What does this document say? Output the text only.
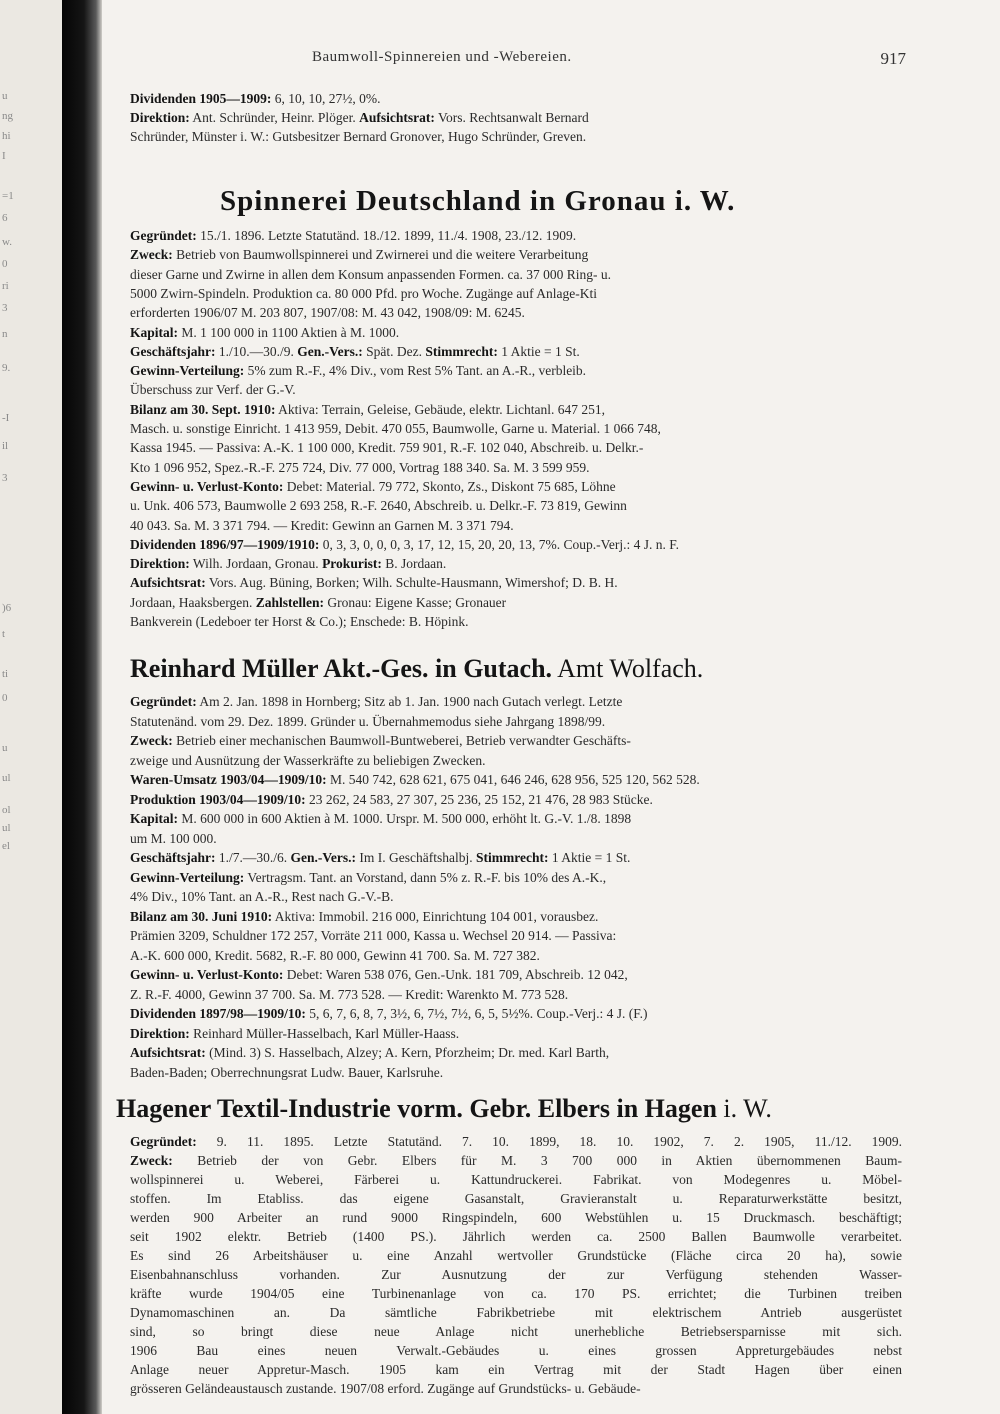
Baumwoll-Spinnereien und -Webereien.	917
u
ng
hi
I
=1
6
w.
0
ri
3
n
9.
-I
il
3
)6
t
ti
0
u
ul
ol
ul
el
Dividenden 1905—1909: 6, 10, 10, 27½, 0%.
Direktion: Ant. Schründer, Heinr. Plöger. Aufsichtsrat: Vors. Rechtsanwalt Bernard
Schründer, Münster i. W.: Gutsbesitzer Bernard Gronover, Hugo Schründer, Greven.
Spinnerei Deutschland in Gronau i. W.
Gegründet: 15./1. 1896. Letzte Statutänd. 18./12. 1899, 11./4. 1908, 23./12. 1909.
Zweck: Betrieb von Baumwollspinnerei und Zwirnerei und die weitere Verarbeitung
dieser Garne und Zwirne in allen dem Konsum anpassenden Formen. ca. 37 000 Ring- u.
5000 Zwirn-Spindeln. Produktion ca. 80 000 Pfd. pro Woche. Zugänge auf Anlage-Kti
erforderten 1906/07 M. 203 807, 1907/08: M. 43 042, 1908/09: M. 6245.
Kapital: M. 1 100 000 in 1100 Aktien à M. 1000.
Geschäftsjahr: 1./10.—30./9. Gen.-Vers.: Spät. Dez. Stimmrecht: 1 Aktie = 1 St.
Gewinn-Verteilung: 5% zum R.-F., 4% Div., vom Rest 5% Tant. an A.-R., verbleib.
Überschuss zur Verf. der G.-V.
Bilanz am 30. Sept. 1910: Aktiva: Terrain, Geleise, Gebäude, elektr. Lichtanl. 647 251,
Masch. u. sonstige Einricht. 1 413 959, Debit. 470 055, Baumwolle, Garne u. Material. 1 066 748,
Kassa 1945. — Passiva: A.-K. 1 100 000, Kredit. 759 901, R.-F. 102 040, Abschreib. u. Delkr.-
Kto 1 096 952, Spez.-R.-F. 275 724, Div. 77 000, Vortrag 188 340. Sa. M. 3 599 959.
Gewinn- u. Verlust-Konto: Debet: Material. 79 772, Skonto, Zs., Diskont 75 685, Löhne
u. Unk. 406 573, Baumwolle 2 693 258, R.-F. 2640, Abschreib. u. Delkr.-F. 73 819, Gewinn
40 043. Sa. M. 3 371 794. — Kredit: Gewinn an Garnen M. 3 371 794.
Dividenden 1896/97—1909/1910: 0, 3, 3, 0, 0, 0, 3, 17, 12, 15, 20, 20, 13, 7%. Coup.-Verj.: 4 J. n. F.
Direktion: Wilh. Jordaan, Gronau. Prokurist: B. Jordaan.
Aufsichtsrat: Vors. Aug. Büning, Borken; Wilh. Schulte-Hausmann, Wimershof; D. B. H.
Jordaan, Haaksbergen. Zahlstellen: Gronau: Eigene Kasse; Gronauer
Bankverein (Ledeboer ter Horst & Co.); Enschede: B. Höpink.
Reinhard Müller Akt.-Ges. in Gutach. Amt Wolfach.
Gegründet: Am 2. Jan. 1898 in Hornberg; Sitz ab 1. Jan. 1900 nach Gutach verlegt. Letzte
Statutenänd. vom 29. Dez. 1899. Gründer u. Übernahmemodus siehe Jahrgang 1898/99.
Zweck: Betrieb einer mechanischen Baumwoll-Buntweberei, Betrieb verwandter Geschäfts-
zweige und Ausnützung der Wasserkräfte zu beliebigen Zwecken.
Waren-Umsatz 1903/04—1909/10: M. 540 742, 628 621, 675 041, 646 246, 628 956, 525 120, 562 528.
Produktion 1903/04—1909/10: 23 262, 24 583, 27 307, 25 236, 25 152, 21 476, 28 983 Stücke.
Kapital: M. 600 000 in 600 Aktien à M. 1000. Urspr. M. 500 000, erhöht lt. G.-V. 1./8. 1898
um M. 100 000.
Geschäftsjahr: 1./7.—30./6. Gen.-Vers.: Im I. Geschäftshalbj. Stimmrecht: 1 Aktie = 1 St.
Gewinn-Verteilung: Vertragsm. Tant. an Vorstand, dann 5% z. R.-F. bis 10% des A.-K.,
4% Div., 10% Tant. an A.-R., Rest nach G.-V.-B.
Bilanz am 30. Juni 1910: Aktiva: Immobil. 216 000, Einrichtung 104 001, vorausbez.
Prämien 3209, Schuldner 172 257, Vorräte 211 000, Kassa u. Wechsel 20 914. — Passiva:
A.-K. 600 000, Kredit. 5682, R.-F. 80 000, Gewinn 41 700. Sa. M. 727 382.
Gewinn- u. Verlust-Konto: Debet: Waren 538 076, Gen.-Unk. 181 709, Abschreib. 12 042,
Z. R.-F. 4000, Gewinn 37 700. Sa. M. 773 528. — Kredit: Warenkto M. 773 528.
Dividenden 1897/98—1909/10: 5, 6, 7, 6, 8, 7, 3½, 6, 7½, 7½, 6, 5, 5½%. Coup.-Verj.: 4 J. (F.)
Direktion: Reinhard Müller-Hasselbach, Karl Müller-Haass.
Aufsichtsrat: (Mind. 3) S. Hasselbach, Alzey; A. Kern, Pforzheim; Dr. med. Karl Barth,
Baden-Baden; Oberrechnungsrat Ludw. Bauer, Karlsruhe.
Hagener Textil-Industrie vorm. Gebr. Elbers in Hagen i. W.
Gegründet: 9. 11. 1895. Letzte Statutänd. 7. 10. 1899, 18. 10. 1902, 7. 2. 1905, 11./12. 1909.
Zweck: Betrieb der von Gebr. Elbers für M. 3 700 000 in Aktien übernommenen Baum-
wollspinnerei u. Weberei, Färberei u. Kattundruckerei. Fabrikat. von Modegenres u. Möbel-
stoffen. Im Etabliss. das eigene Gasanstalt, Gravieranstalt u. Reparaturwerkstätte besitzt,
werden 900 Arbeiter an rund 9000 Ringspindeln, 600 Webstühlen u. 15 Druckmasch. beschäftigt;
seit 1902 elektr. Betrieb (1400 PS.). Jährlich werden ca. 2500 Ballen Baumwolle verarbeitet.
Es sind 26 Arbeitshäuser u. eine Anzahl wertvoller Grundstücke (Fläche circa 20 ha), sowie
Eisenbahnanschluss vorhanden. Zur Ausnutzung der zur Verfügung stehenden Wasser-
kräfte wurde 1904/05 eine Turbinenanlage von ca. 170 PS. errichtet; die Turbinen treiben
Dynamomaschinen an. Da sämtliche Fabrikbetriebe mit elektrischem Antrieb ausgerüstet
sind, so bringt diese neue Anlage nicht unerhebliche Betriebsersparnisse mit sich.
1906 Bau eines neuen Verwalt.-Gebäudes u. eines grossen Appreturgebäudes nebst
Anlage neuer Appretur-Masch. 1905 kam ein Vertrag mit der Stadt Hagen über einen
grösseren Geländeaustausch zustande. 1907/08 erford. Zugänge auf Grundstücks- u. Gebäude-
